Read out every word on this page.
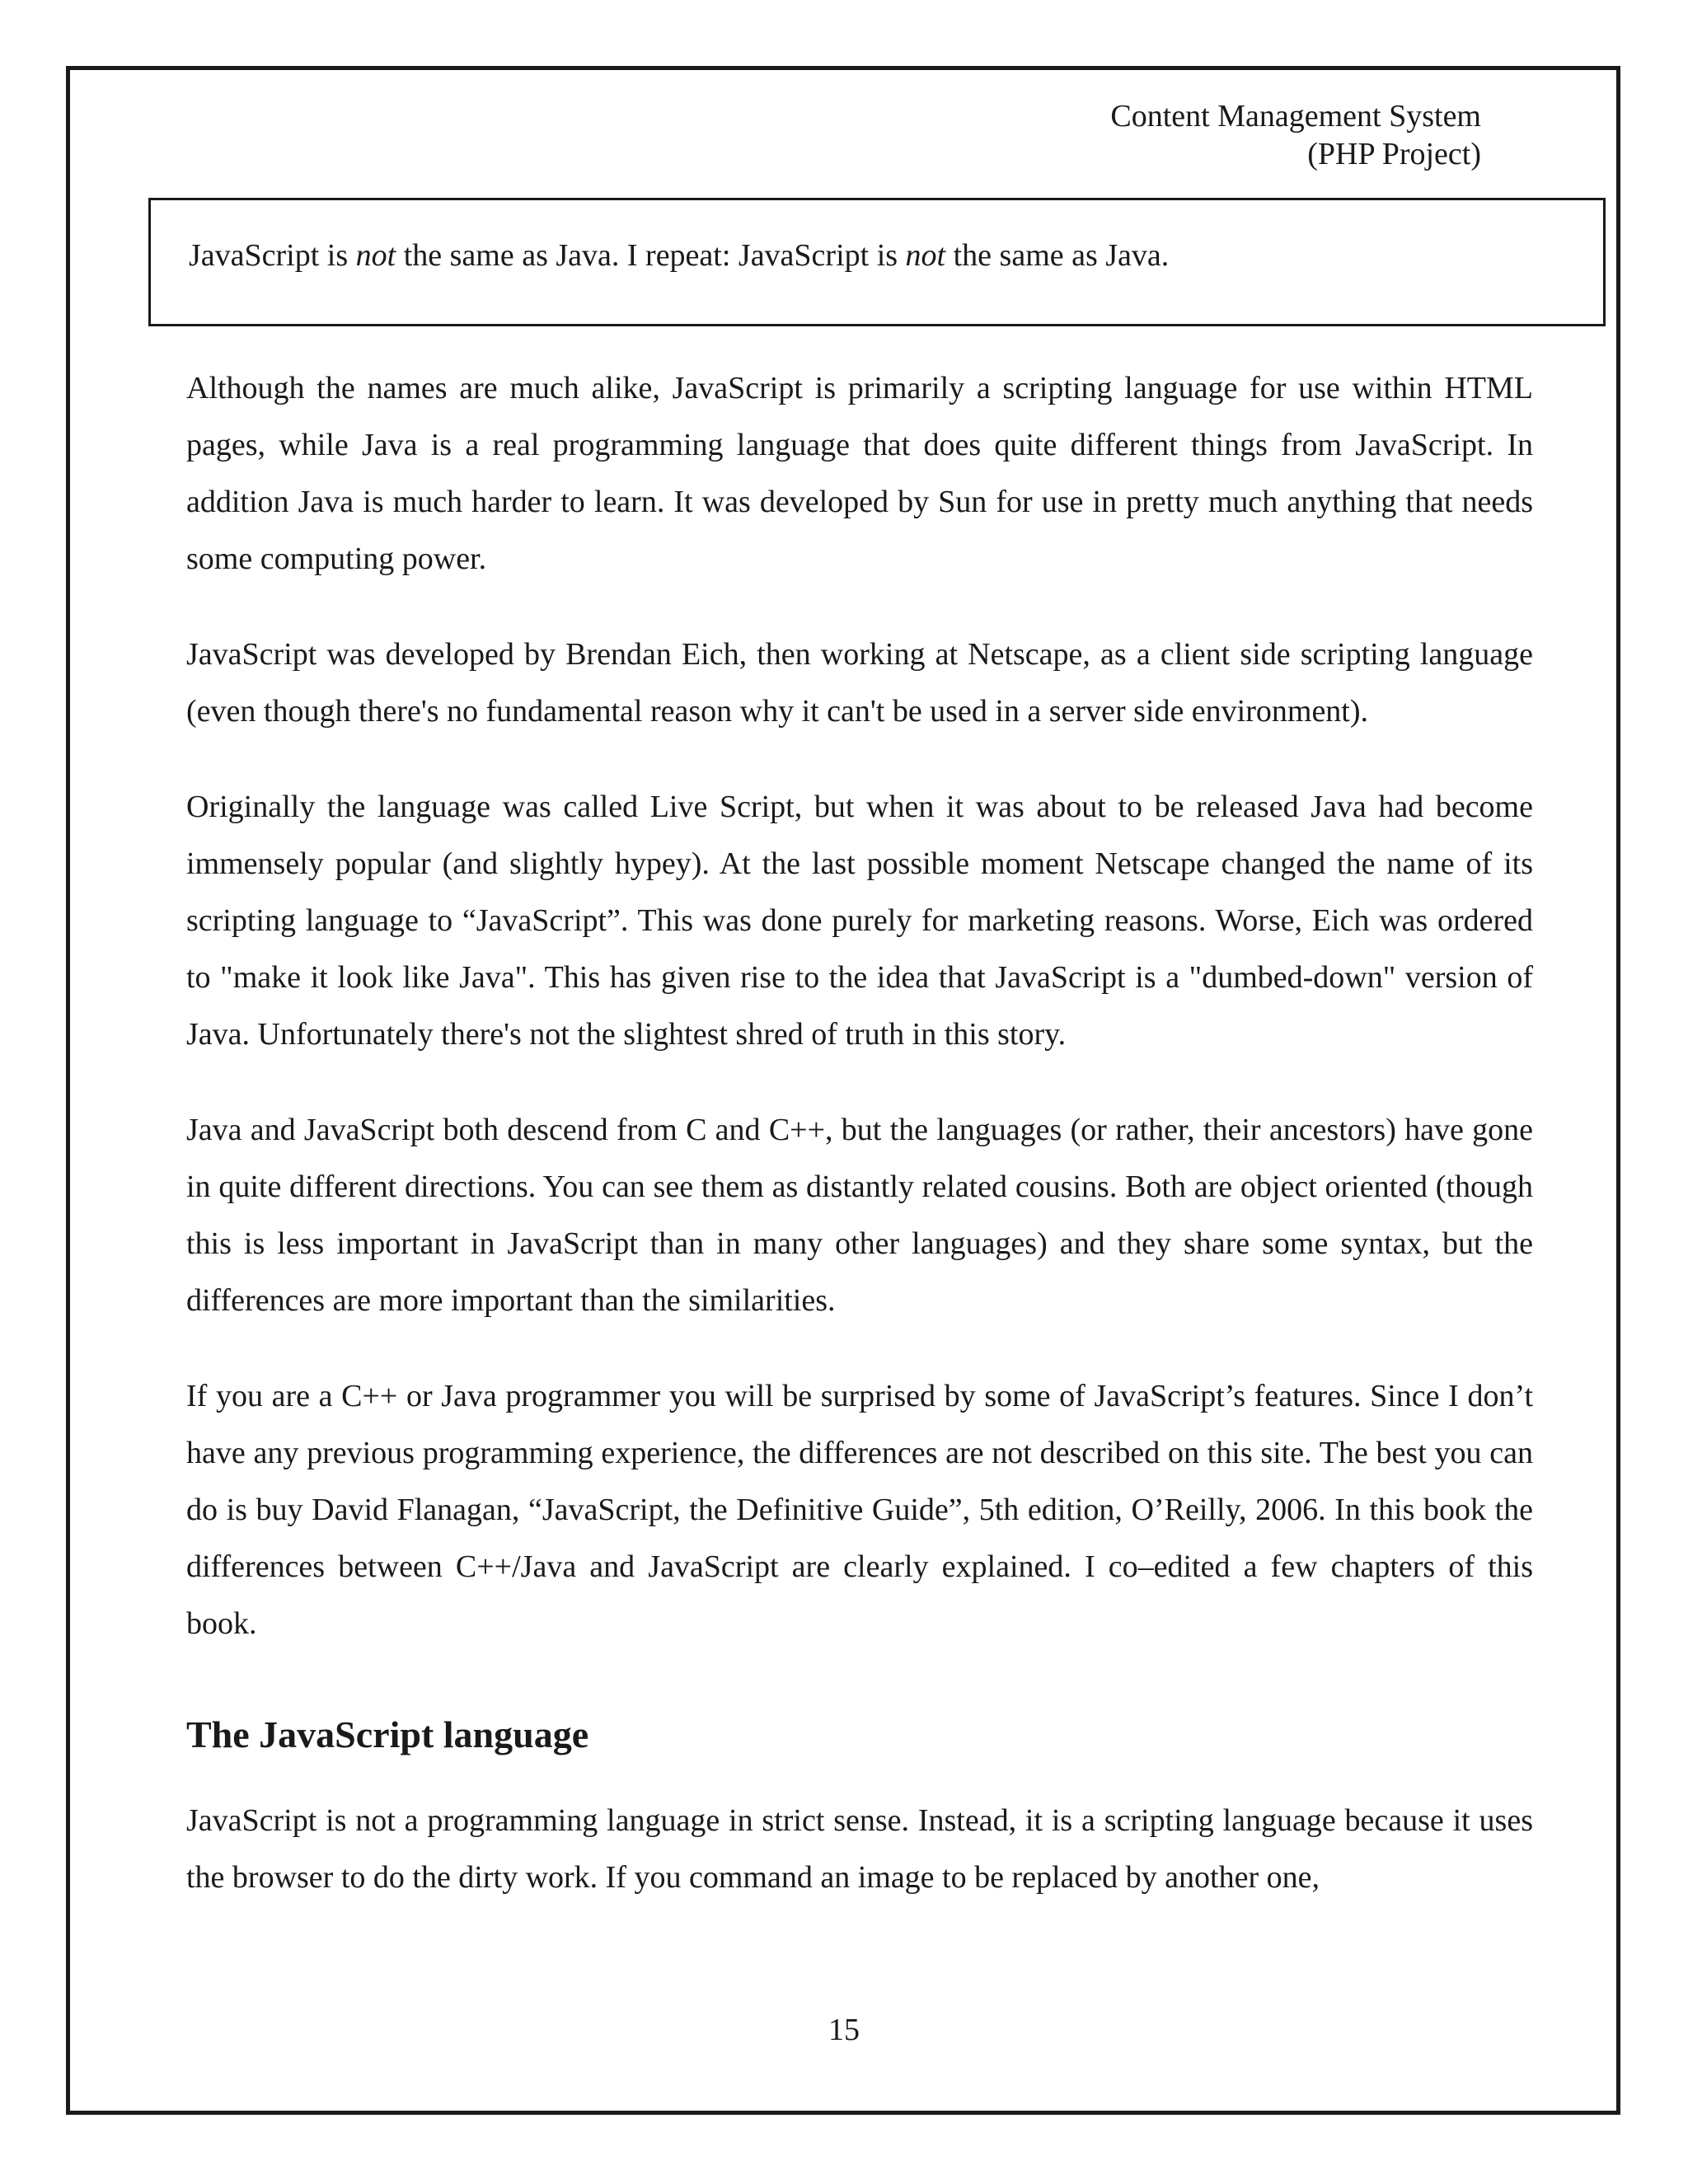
Content Management System
(PHP Project)
JavaScript is not the same as Java. I repeat: JavaScript is not the same as Java.

Although the names are much alike, JavaScript is primarily a scripting language for use within HTML pages, while Java is a real programming language that does quite different things from JavaScript. In addition Java is much harder to learn. It was developed by Sun for use in pretty much anything that needs some computing power.

JavaScript was developed by Brendan Eich, then working at Netscape, as a client side scripting language (even though there's no fundamental reason why it can't be used in a server side environment).

Originally the language was called Live Script, but when it was about to be released Java had become immensely popular (and slightly hypey). At the last possible moment Netscape changed the name of its scripting language to “JavaScript”. This was done purely for marketing reasons. Worse, Eich was ordered to "make it look like Java". This has given rise to the idea that JavaScript is a "dumbed-down" version of Java. Unfortunately there's not the slightest shred of truth in this story.

Java and JavaScript both descend from C and C++, but the languages (or rather, their ancestors) have gone in quite different directions. You can see them as distantly related cousins. Both are object oriented (though this is less important in JavaScript than in many other languages) and they share some syntax, but the differences are more important than the similarities.

If you are a C++ or Java programmer you will be surprised by some of JavaScript’s features. Since I don’t have any previous programming experience, the differences are not described on this site. The best you can do is buy David Flanagan, “JavaScript, the Definitive Guide”, 5th edition, O’Reilly, 2006. In this book the differences between C++/Java and JavaScript are clearly explained. I co–edited a few chapters of this book.

The JavaScript language

JavaScript is not a programming language in strict sense. Instead, it is a scripting language because it uses the browser to do the dirty work. If you command an image to be replaced by another one,

15
